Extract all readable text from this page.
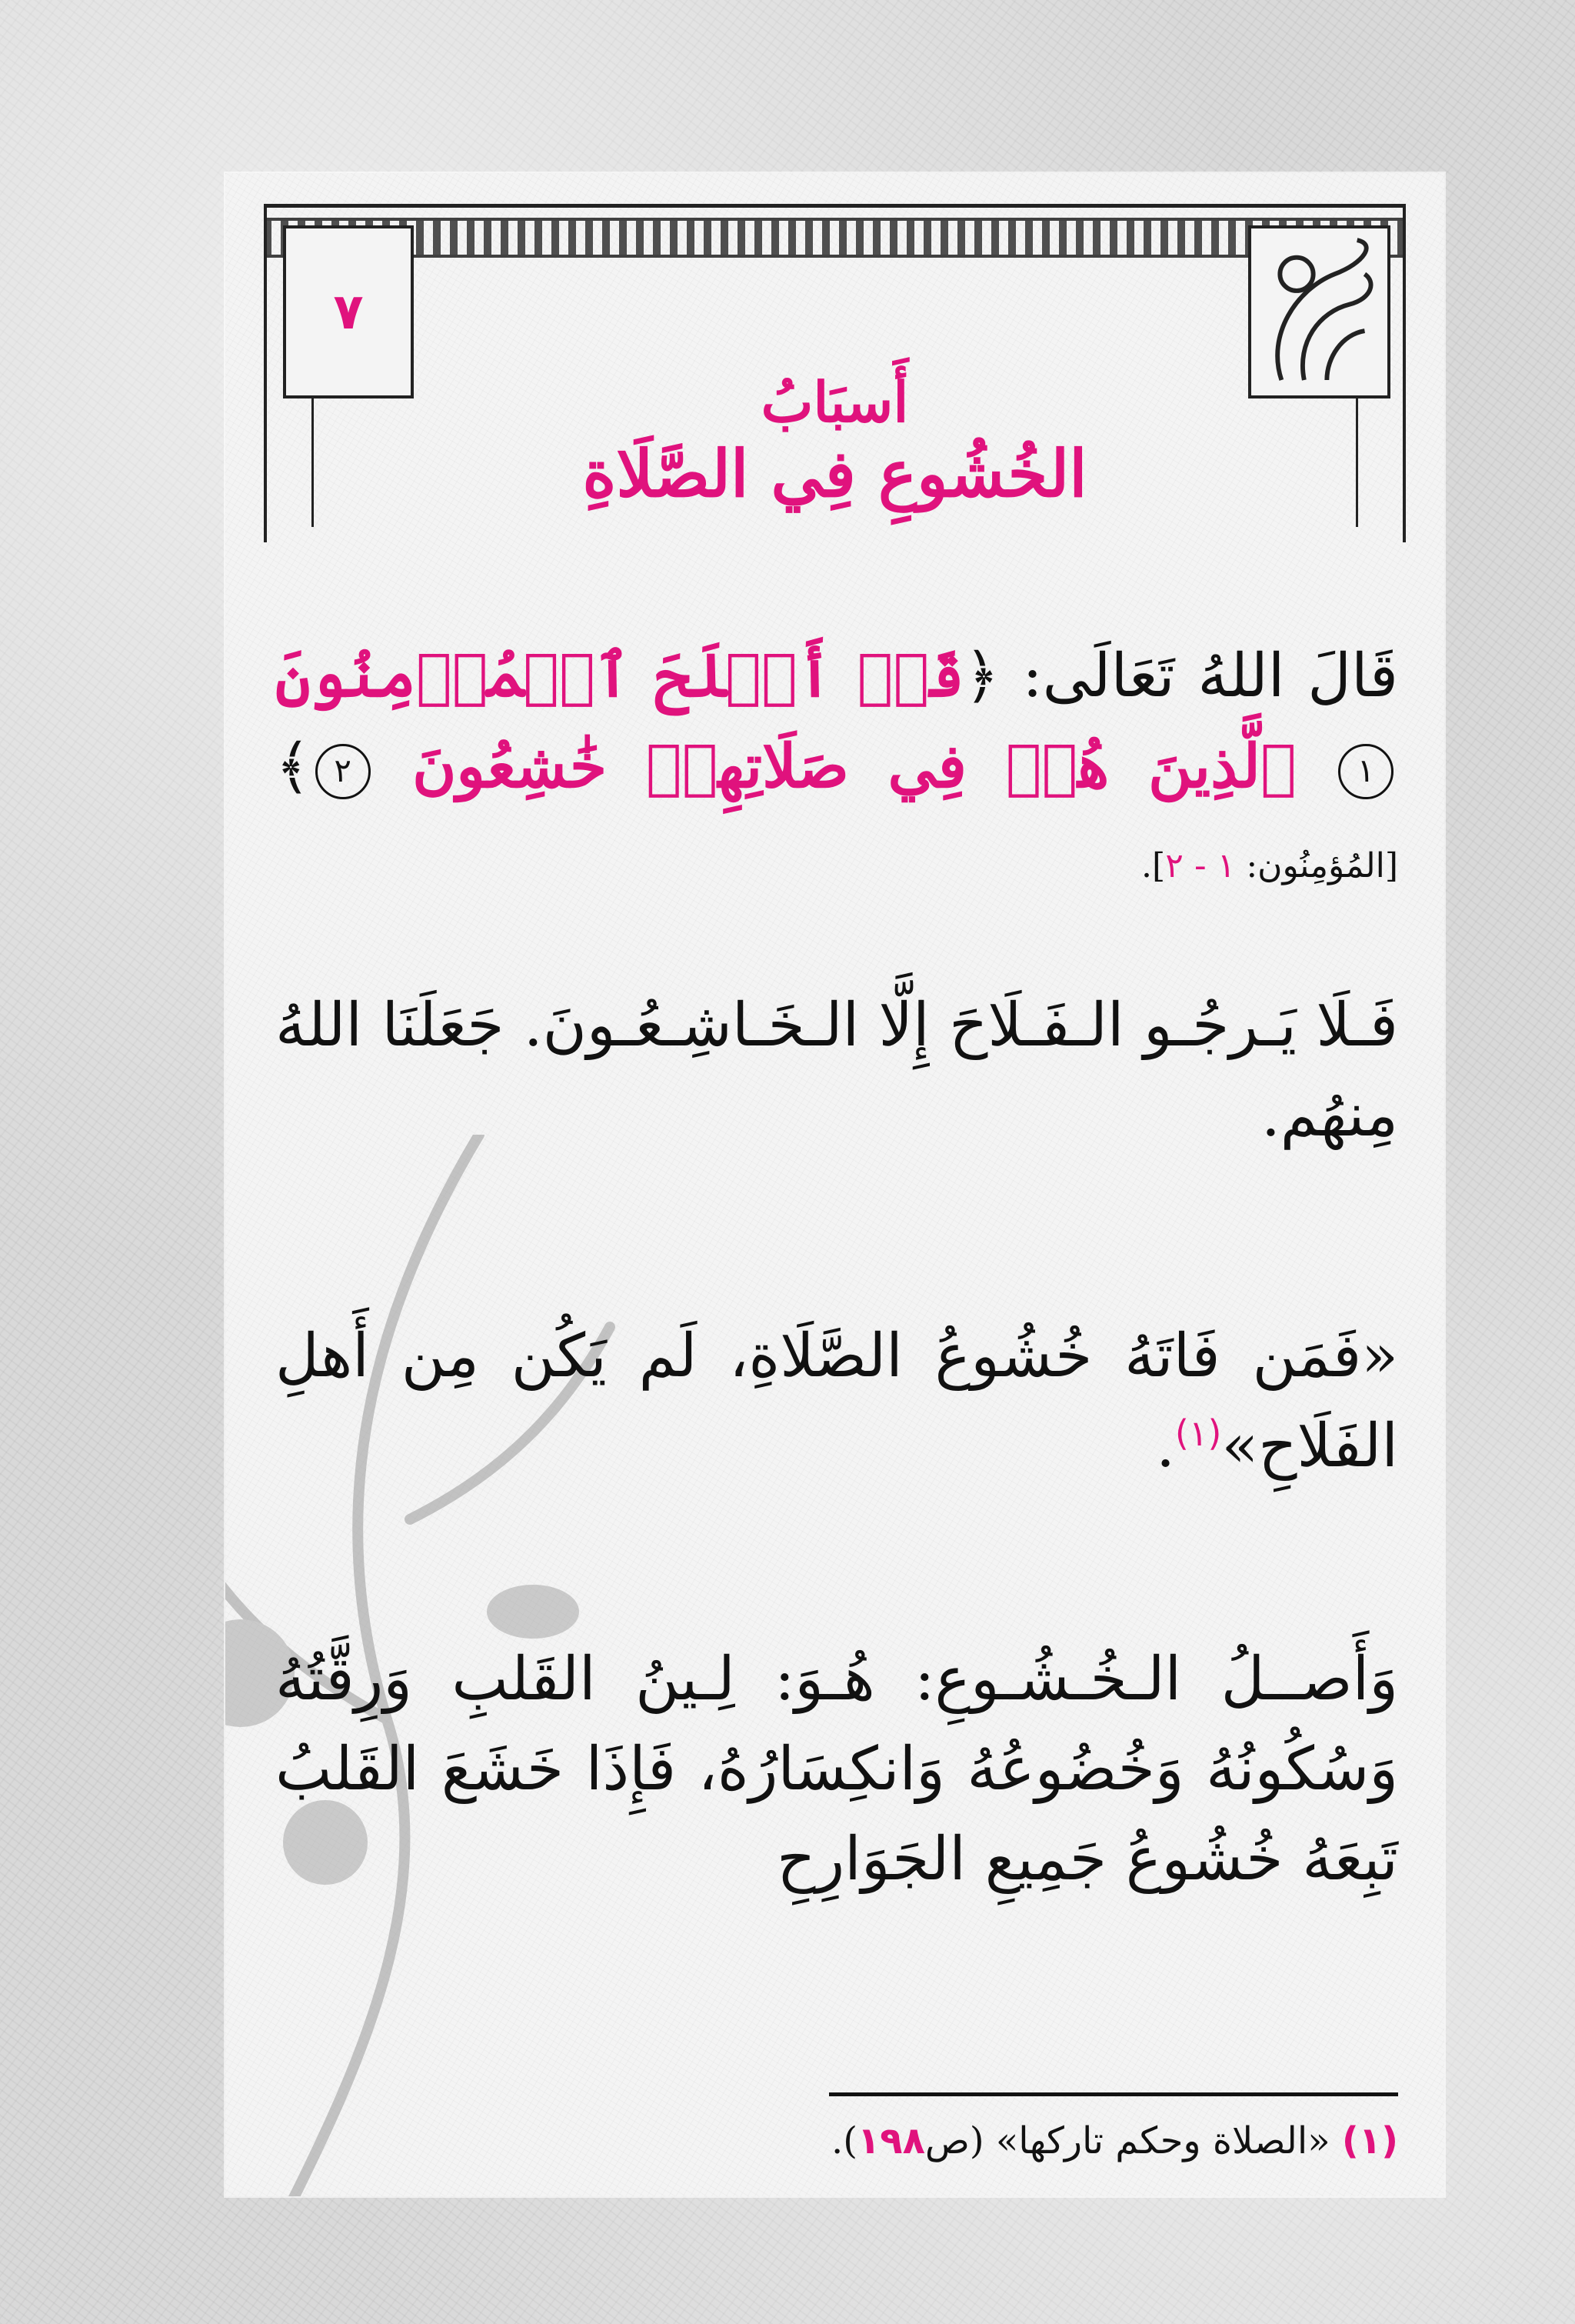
٧
أَسبَابُ
الخُشُوعِ فِي الصَّلَاةِ
قَالَ اللهُ تَعَالَى: ﴿قَدۡ أَفۡلَحَ ٱلۡمُؤۡمِنُونَ ١ ٱلَّذِينَ هُمۡ فِي صَلَاتِهِمۡ خَٰشِعُونَ ٢﴾ [المُؤمِنُون: ١ - ٢].
فَـلَا يَـرجُـو الـفَـلَاحَ إِلَّا الـخَـاشِـعُـونَ. جَعَلَنَا اللهُ مِنهُم.
«فَمَن فَاتَهُ خُشُوعُ الصَّلَاةِ، لَم يَكُن مِن أَهلِ الفَلَاحِ»$^{(١)}$.
وَأَصــلُ الـخُـشُـوعِ: هُـوَ: لِـينُ القَلبِ وَرِقَّتُهُ وَسُكُونُهُ وَخُضُوعُهُ وَانكِسَارُهُ، فَإِذَا خَشَعَ القَلبُ تَبِعَهُ خُشُوعُ جَمِيعِ الجَوَارِحِ
(١) «الصلاة وحكم تاركها» (ص١٩٨).
